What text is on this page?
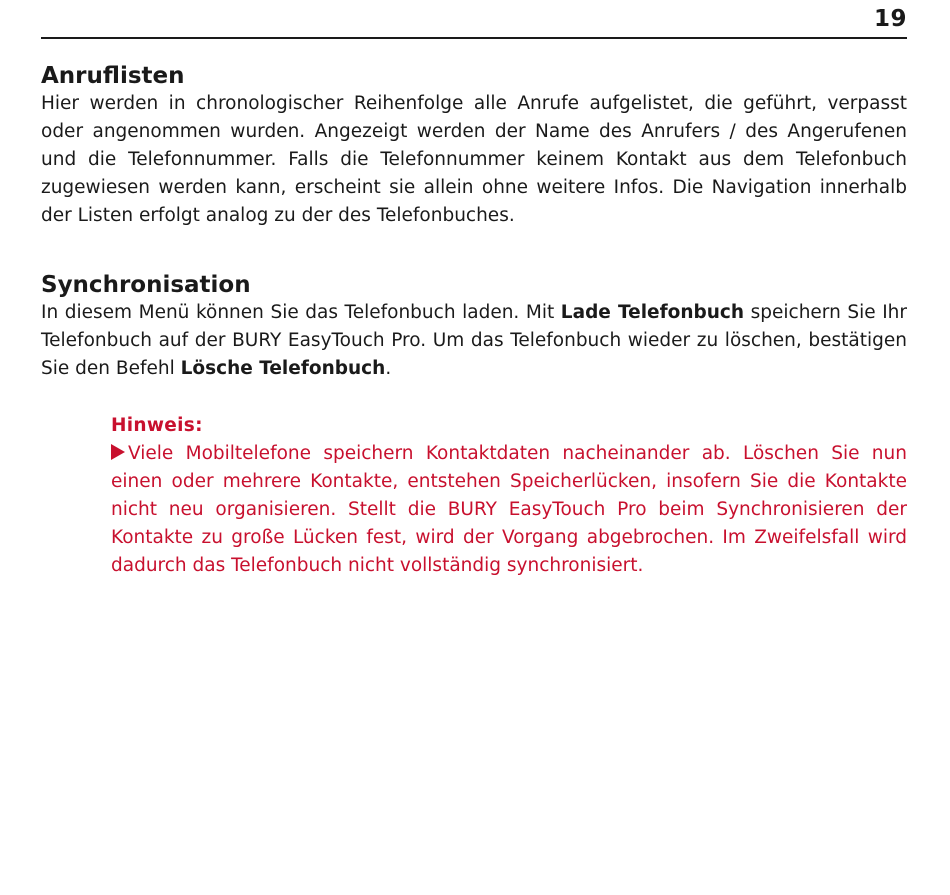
19
Anruflisten

Hier werden in chronologischer Reihenfolge alle Anrufe aufgelistet, die geführt, verpasst oder angenommen wurden. Angezeigt werden der Name des Anrufers / des Angerufenen und die Telefonnummer. Falls die Telefonnummer keinem Kontakt aus dem Telefonbuch zugewiesen werden kann, erscheint sie allein ohne weitere Infos. Die Navigation innerhalb der Listen erfolgt analog zu der des Telefonbuches.

Synchronisation

In diesem Menü können Sie das Telefonbuch laden. Mit Lade Telefonbuch speichern Sie Ihr Telefonbuch auf der BURY EasyTouch Pro. Um das Telefonbuch wieder zu löschen, bestätigen Sie den Befehl Lösche Telefonbuch.

Hinweis:

Viele Mobiltelefone speichern Kontaktdaten nacheinander ab. Löschen Sie nun einen oder mehrere Kontakte, entstehen Speicherlücken, insofern Sie die Kontakte nicht neu organisieren. Stellt die BURY EasyTouch Pro beim Synchronisieren der Kontakte zu große Lücken fest, wird der Vorgang abgebrochen. Im Zweifelsfall wird dadurch das Telefonbuch nicht vollständig synchronisiert.
